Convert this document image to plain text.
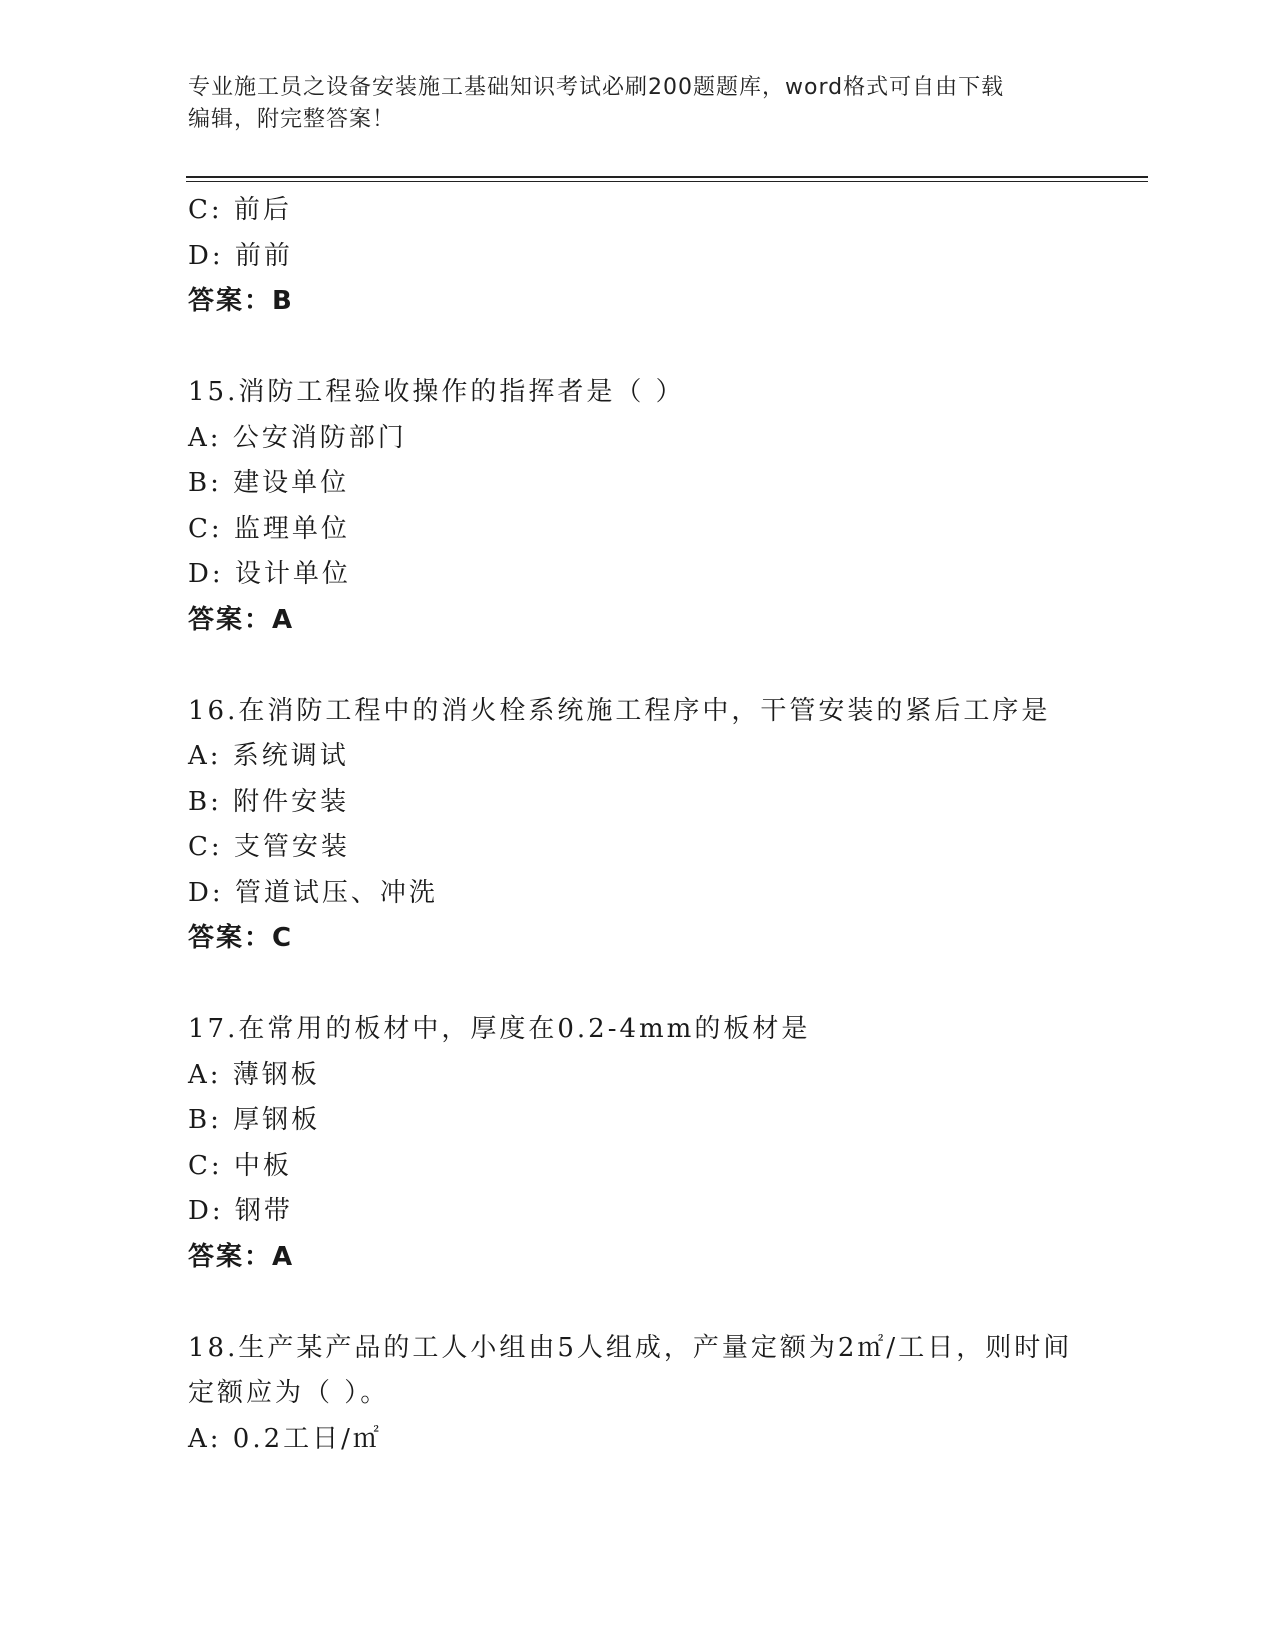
专业施工员之设备安装施工基础知识考试必刷200题题库，word格式可自由下载
编辑，附完整答案！
C: 前后
D: 前前
答案：B
15.消防工程验收操作的指挥者是（ ）
A: 公安消防部门
B: 建设单位
C: 监理单位
D: 设计单位
答案：A
16.在消防工程中的消火栓系统施工程序中，干管安装的紧后工序是
A: 系统调试
B: 附件安装
C: 支管安装
D: 管道试压、冲洗
答案：C
17.在常用的板材中，厚度在0.2-4mm的板材是
A: 薄钢板
B: 厚钢板
C: 中板
D: 钢带
答案：A
18.生产某产品的工人小组由5人组成，产量定额为2㎡/工日，则时间
定额应为（ ）。
A: 0.2工日/㎡
